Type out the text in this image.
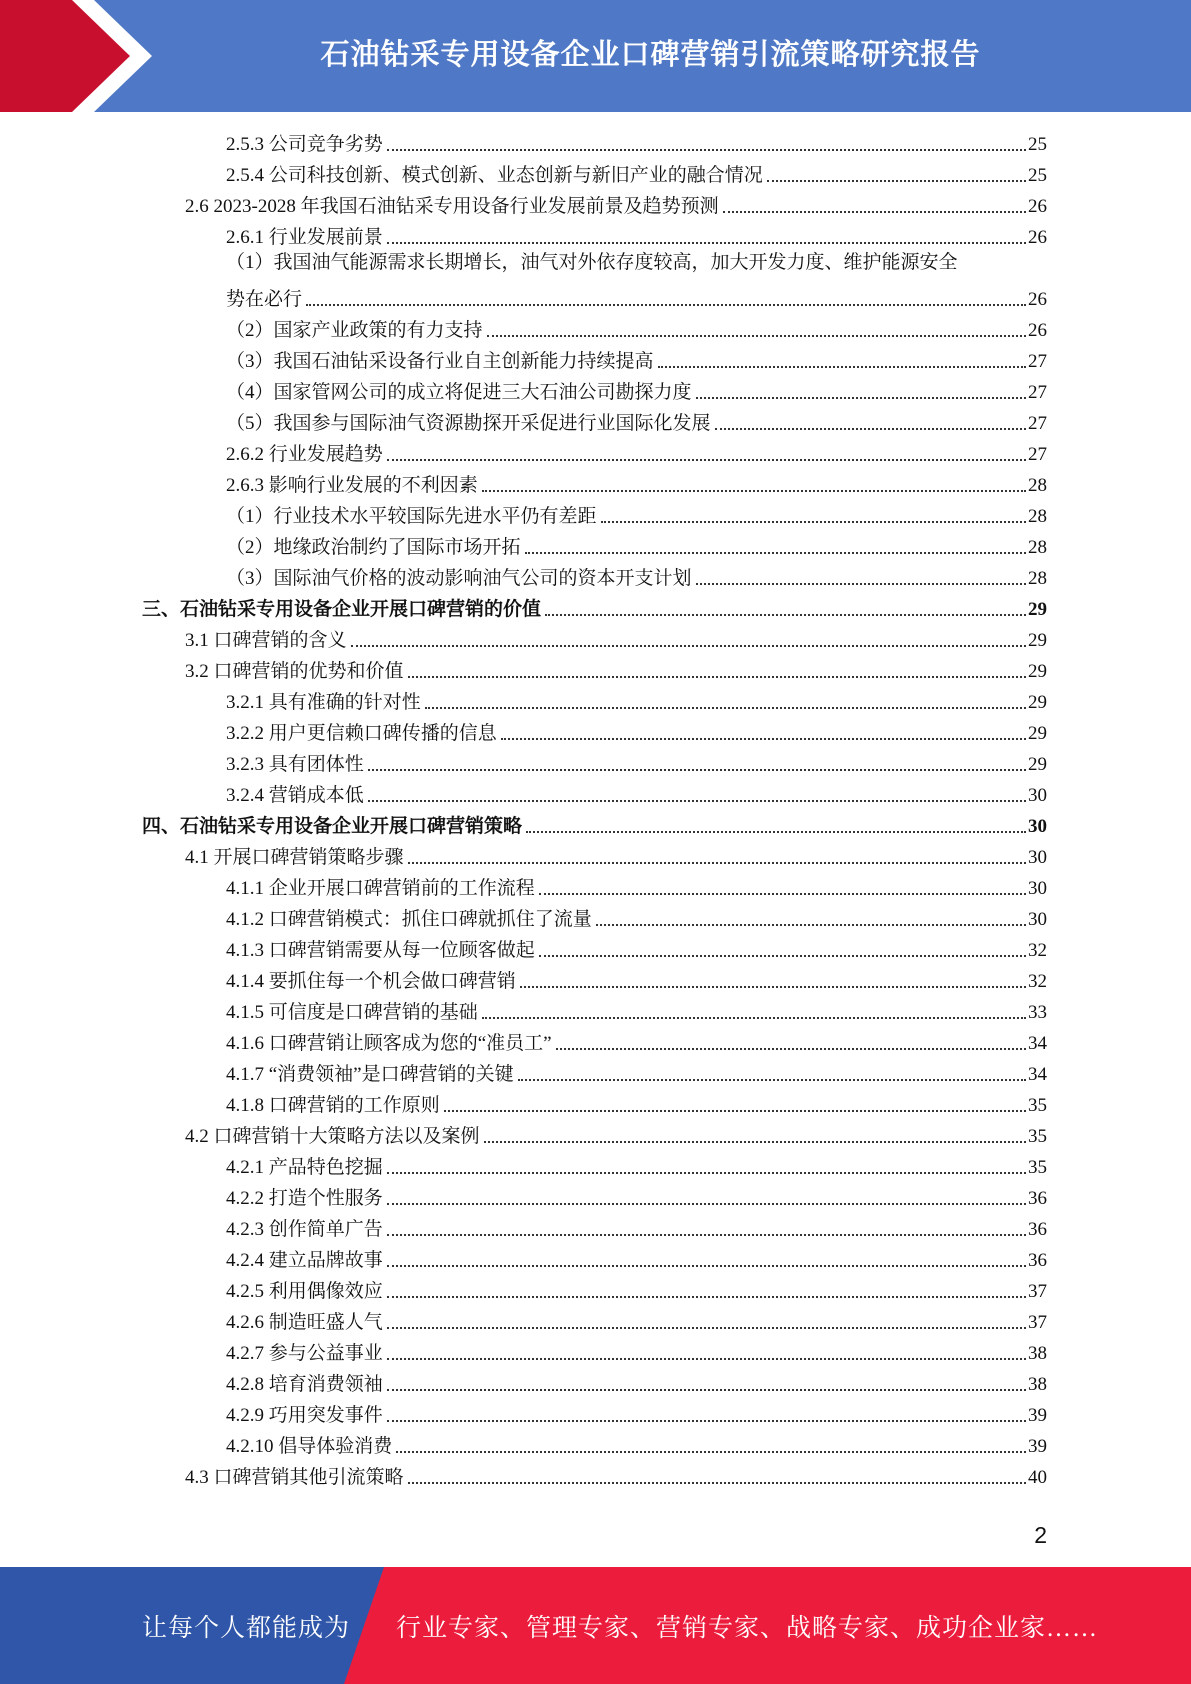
石油钻采专用设备企业口碑营销引流策略研究报告
2.5.3 公司竞争劣势	25
2.5.4 公司科技创新、模式创新、业态创新与新旧产业的融合情况	25
2.6 2023-2028 年我国石油钻采专用设备行业发展前景及趋势预测	26
2.6.1 行业发展前景	26
（1）我国油气能源需求长期增长，油气对外依存度较高，加大开发力度、维护能源安全
势在必行	26
（2）国家产业政策的有力支持	26
（3）我国石油钻采设备行业自主创新能力持续提高	27
（4）国家管网公司的成立将促进三大石油公司勘探力度	27
（5）我国参与国际油气资源勘探开采促进行业国际化发展	27
2.6.2 行业发展趋势	27
2.6.3 影响行业发展的不利因素	28
（1）行业技术水平较国际先进水平仍有差距	28
（2）地缘政治制约了国际市场开拓	28
（3）国际油气价格的波动影响油气公司的资本开支计划	28
三、石油钻采专用设备企业开展口碑营销的价值	29
3.1 口碑营销的含义	29
3.2 口碑营销的优势和价值	29
3.2.1 具有准确的针对性	29
3.2.2 用户更信赖口碑传播的信息	29
3.2.3 具有团体性	29
3.2.4 营销成本低	30
四、石油钻采专用设备企业开展口碑营销策略	30
4.1 开展口碑营销策略步骤	30
4.1.1 企业开展口碑营销前的工作流程	30
4.1.2 口碑营销模式：抓住口碑就抓住了流量	30
4.1.3 口碑营销需要从每一位顾客做起	32
4.1.4 要抓住每一个机会做口碑营销	32
4.1.5 可信度是口碑营销的基础	33
4.1.6 口碑营销让顾客成为您的“准员工”	34
4.1.7 “消费领袖”是口碑营销的关键	34
4.1.8 口碑营销的工作原则	35
4.2 口碑营销十大策略方法以及案例	35
4.2.1 产品特色挖掘	35
4.2.2 打造个性服务	36
4.2.3 创作简单广告	36
4.2.4 建立品牌故事	36
4.2.5 利用偶像效应	37
4.2.6 制造旺盛人气	37
4.2.7 参与公益事业	38
4.2.8 培育消费领袖	38
4.2.9 巧用突发事件	39
4.2.10 倡导体验消费	39
4.3 口碑营销其他引流策略	40
2
让每个人都能成为 行业专家、管理专家、营销专家、战略专家、成功企业家……
